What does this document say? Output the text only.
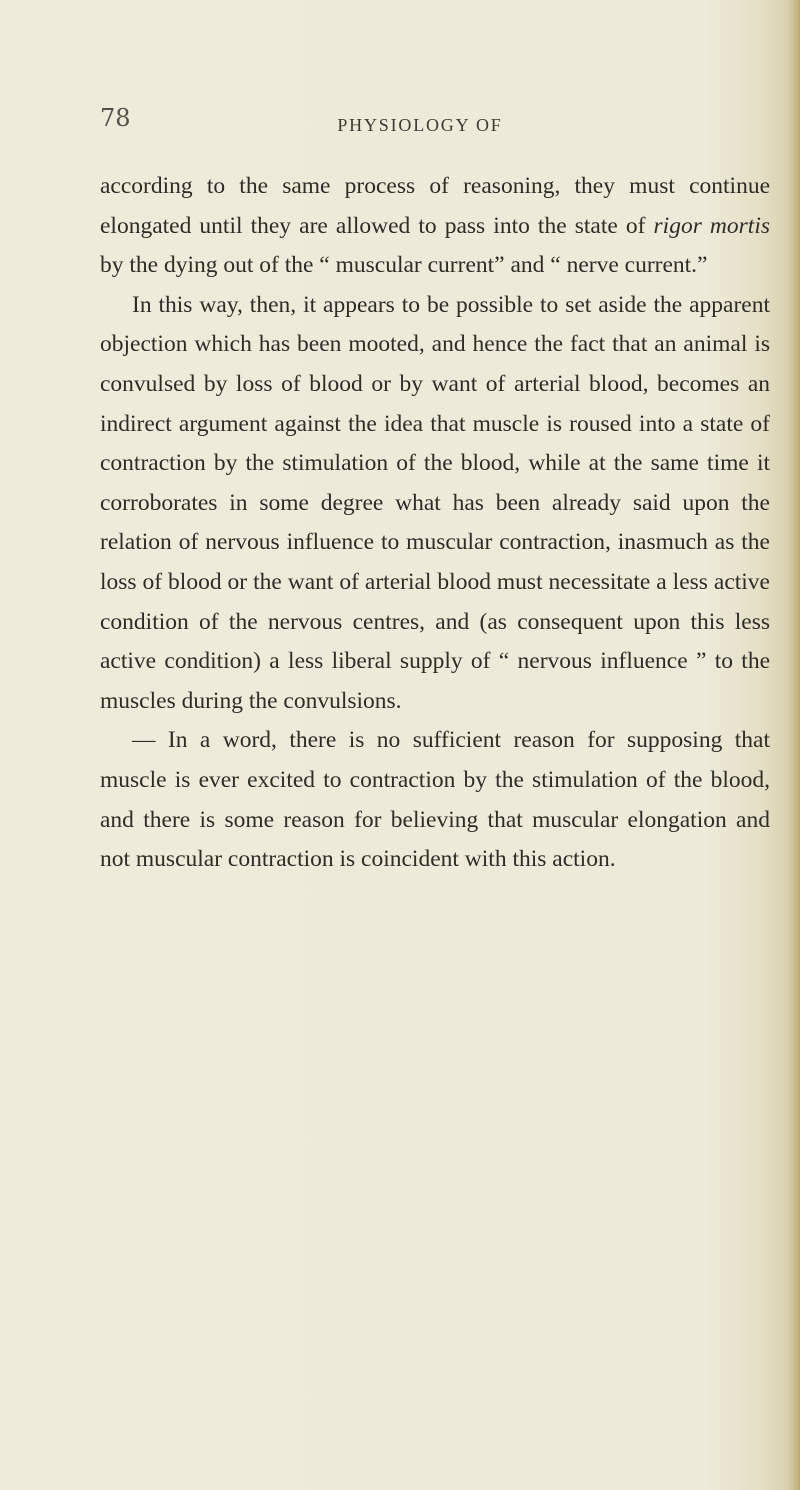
78	PHYSIOLOGY OF

according to the same process of reasoning, they must continue elongated until they are allowed to pass into the state of rigor mortis by the dying out of the “ muscular current” and “ nerve current.”

In this way, then, it appears to be possible to set aside the apparent objection which has been mooted, and hence the fact that an animal is convulsed by loss of blood or by want of arterial blood, becomes an indirect argument against the idea that muscle is roused into a state of contraction by the stimulation of the blood, while at the same time it corroborates in some degree what has been already said upon the relation of nervous influence to muscular contraction, inasmuch as the loss of blood or the want of arterial blood must necessitate a less active condition of the nervous centres, and (as consequent upon this less active condition) a less liberal supply of “ nervous influence ” to the muscles during the convulsions.

— In a word, there is no sufficient reason for supposing that muscle is ever excited to contraction by the stimulation of the blood, and there is some reason for believing that muscular elongation and not muscular contraction is coincident with this action.
